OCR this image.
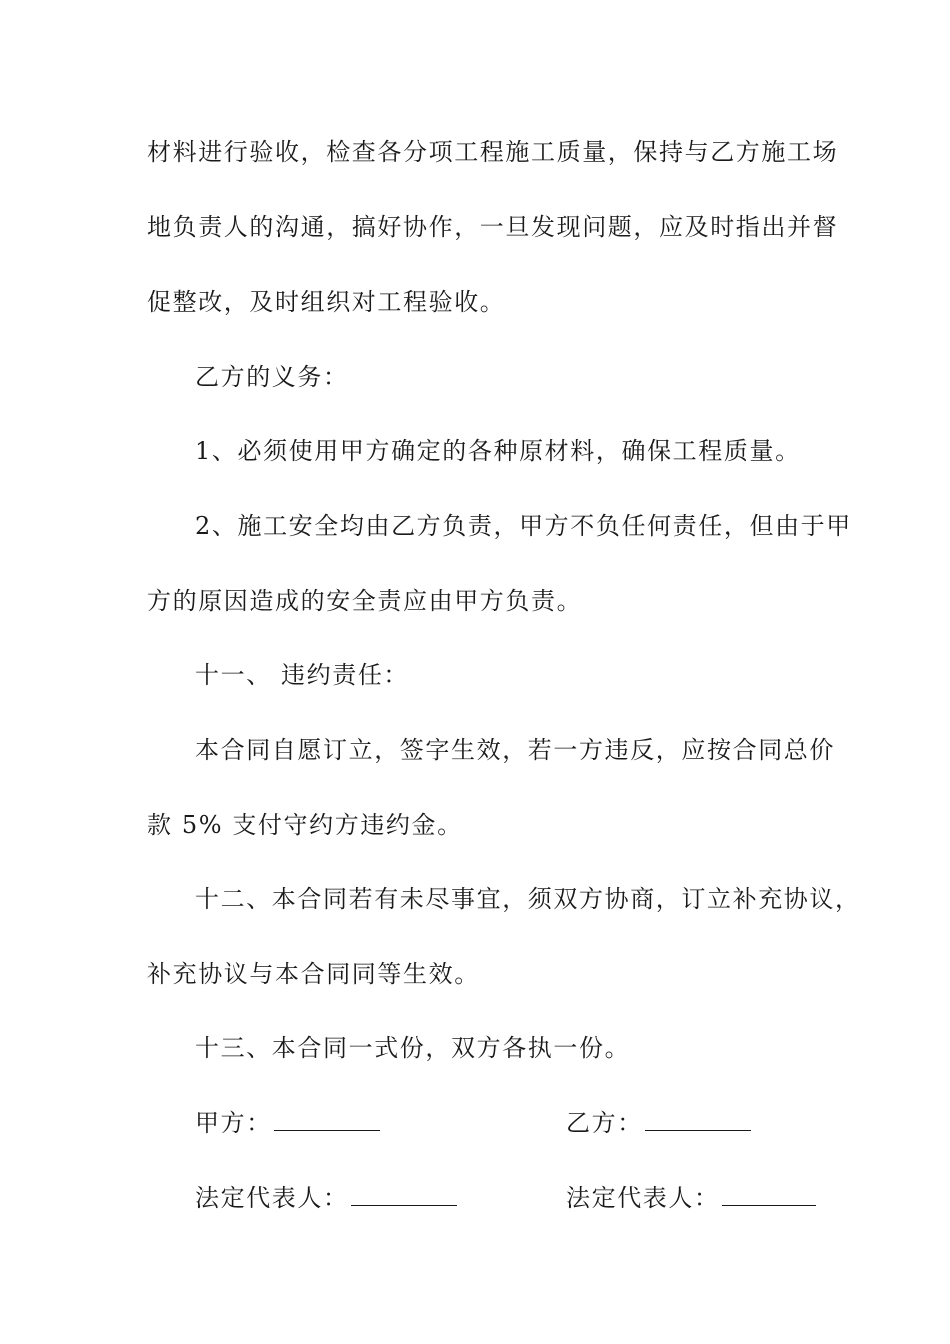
材料进行验收，检查各分项工程施工质量，保持与乙方施工场
地负责人的沟通，搞好协作，一旦发现问题，应及时指出并督
促整改，及时组织对工程验收。
乙方的义务：
1、必须使用甲方确定的各种原材料，确保工程质量。
2、施工安全均由乙方负责，甲方不负任何责任，但由于甲
方的原因造成的安全责应由甲方负责。
十一、 违约责任：
本合同自愿订立，签字生效，若一方违反，应按合同总价
款 5% 支付守约方违约金。
十二、本合同若有未尽事宜，须双方协商，订立补充协议，
补充协议与本合同同等生效。
十三、本合同一式份，双方各执一份。
甲方：	乙方：
法定代表人：	法定代表人：
